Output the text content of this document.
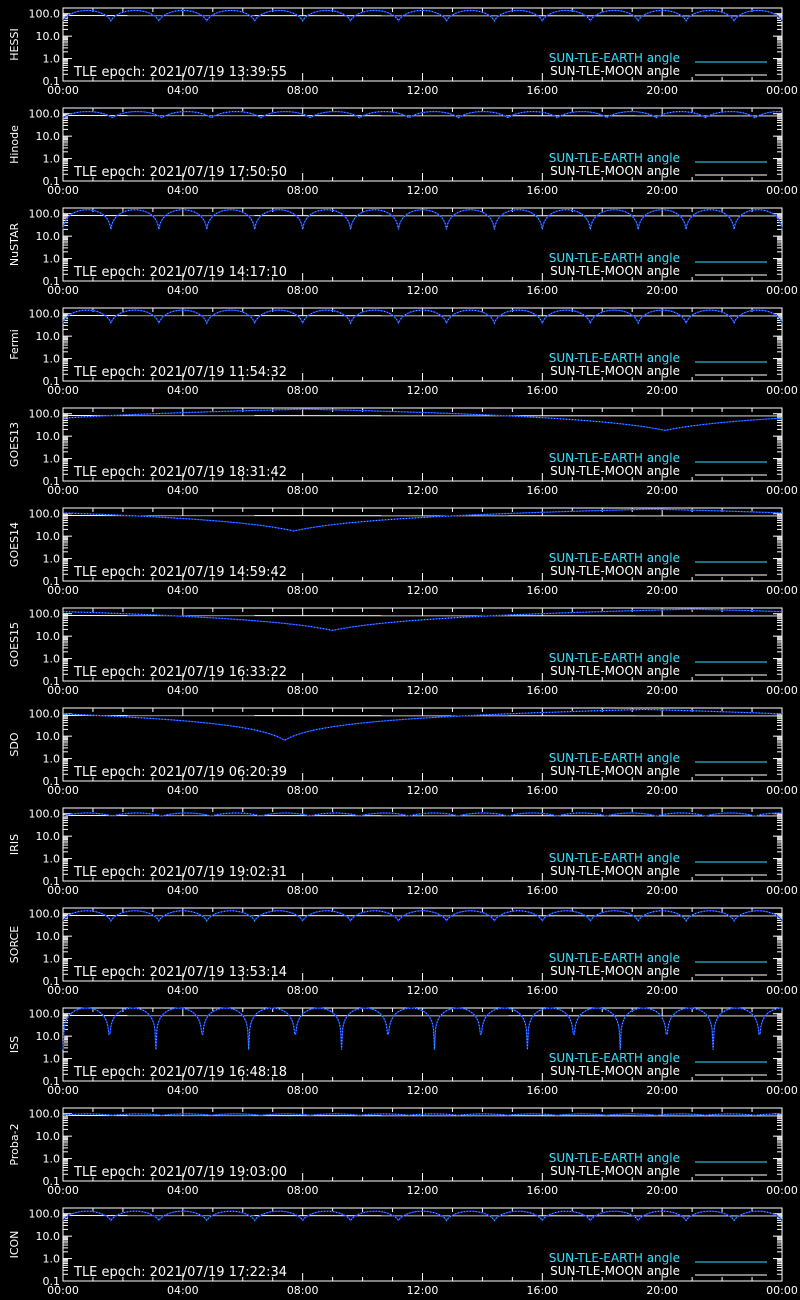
100.0
10.0
1.0
0.1
00:00	04:00	08:00	12:00	16:00	20:00	00:00
HESSI	SUN-TLE-EARTH angle
SUN-TLE-MOON angle
TLE epoch: 2021/07/19 13:39:55
100.0
10.0
1.0
0.1
00:00	04:00	08:00	12:00	16:00	20:00	00:00
Hinode	SUN-TLE-EARTH angle
SUN-TLE-MOON angle
TLE epoch: 2021/07/19 17:50:50
100.0
10.0
1.0
0.1
00:00	04:00	08:00	12:00	16:00	20:00	00:00
NuSTAR	SUN-TLE-EARTH angle
SUN-TLE-MOON angle
TLE epoch: 2021/07/19 14:17:10
100.0
10.0
1.0
0.1
00:00	04:00	08:00	12:00	16:00	20:00	00:00
Fermi	SUN-TLE-EARTH angle
SUN-TLE-MOON angle
TLE epoch: 2021/07/19 11:54:32
100.0
10.0
1.0
0.1
00:00	04:00	08:00	12:00	16:00	20:00	00:00
GOES13	SUN-TLE-EARTH angle
SUN-TLE-MOON angle
TLE epoch: 2021/07/19 18:31:42
100.0
10.0
1.0
0.1
00:00	04:00	08:00	12:00	16:00	20:00	00:00
GOES14	SUN-TLE-EARTH angle
SUN-TLE-MOON angle
TLE epoch: 2021/07/19 14:59:42
100.0
10.0
1.0
0.1
00:00	04:00	08:00	12:00	16:00	20:00	00:00
GOES15	SUN-TLE-EARTH angle
SUN-TLE-MOON angle
TLE epoch: 2021/07/19 16:33:22
100.0
10.0
1.0
0.1
00:00	04:00	08:00	12:00	16:00	20:00	00:00
SDO
SUN-TLE-EARTH angle
SUN-TLE-MOON angle
TLE epoch: 2021/07/19 06:20:39
100.0
10.0
1.0
0.1
00:00	04:00	08:00	12:00	16:00	20:00	00:00
IRIS
SUN-TLE-EARTH angle
SUN-TLE-MOON angle
TLE epoch: 2021/07/19 19:02:31
100.0
10.0
1.0
0.1
00:00	04:00	08:00	12:00	16:00	20:00	00:00
SORCE	SUN-TLE-EARTH angle
SUN-TLE-MOON angle
TLE epoch: 2021/07/19 13:53:14
100.0
10.0
1.0
0.1
00:00	04:00	08:00	12:00	16:00	20:00	00:00
ISS
SUN-TLE-EARTH angle
SUN-TLE-MOON angle
TLE epoch: 2021/07/19 16:48:18
100.0
10.0
1.0
0.1
00:00	04:00	08:00	12:00	16:00	20:00	00:00
Proba-2	SUN-TLE-EARTH angle
SUN-TLE-MOON angle
TLE epoch: 2021/07/19 19:03:00
100.0
10.0
1.0
0.1
00:00	04:00	08:00	12:00	16:00	20:00	00:00
ICON	SUN-TLE-EARTH angle
SUN-TLE-MOON angle
TLE epoch: 2021/07/19 17:22:34
